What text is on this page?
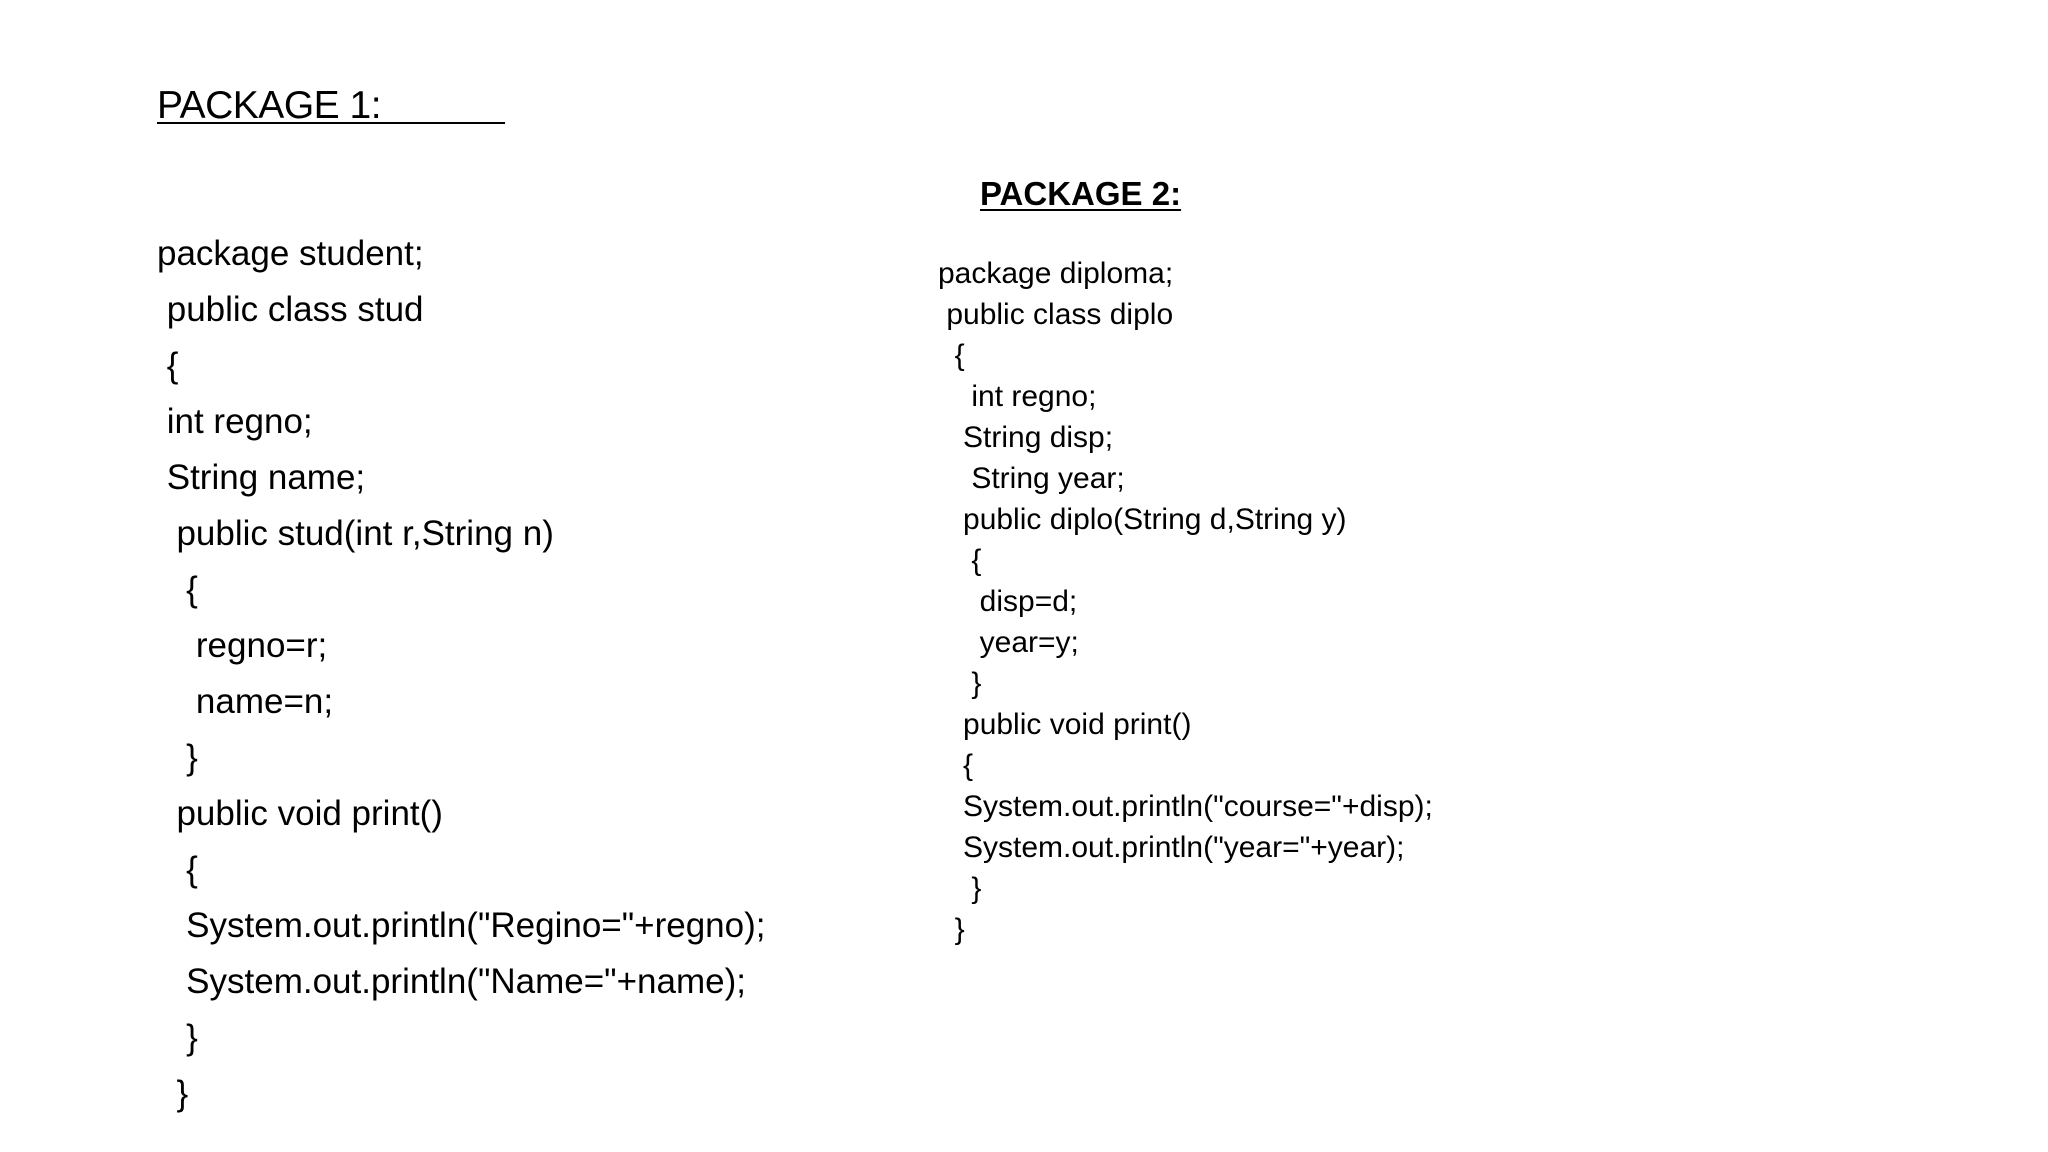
PACKAGE 1:
PACKAGE 2:
package student;
public class stud
{
int regno;
String name;
public stud(int r,String n)
{
regno=r;
name=n;
}
public void print()
{
System.out.println("Regino="+regno);
System.out.println("Name="+name);
}
}
package diploma;
public class diplo
{
int regno;
String disp;
String year;
public diplo(String d,String y)
{
disp=d;
year=y;
}
public void print()
{
System.out.println("course="+disp);
System.out.println("year="+year);
}
}
